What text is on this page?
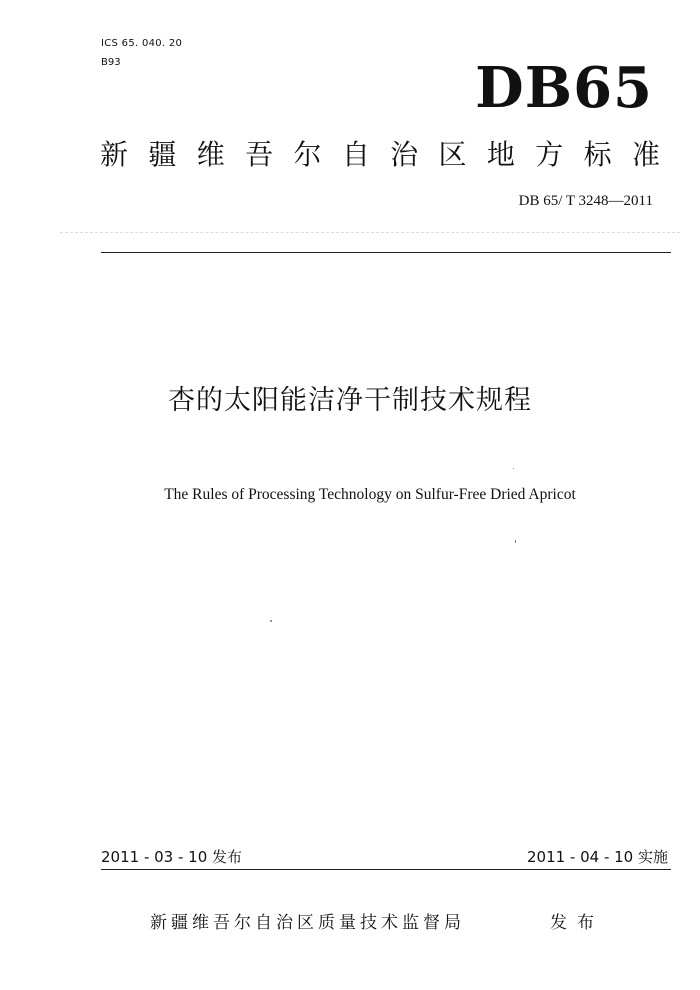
ICS 65. 040. 20
B93	DB65
新 疆 维 吾 尔 自 治 区 地 方 标 准
DB 65/ T 3248—2011
杏的太阳能洁净干制技术规程
The Rules of Processing Technology on Sulfur-Free Dried Apricot
2011 - 03 - 10 发布	2011 - 04 - 10 实施
新疆维吾尔自治区质量技术监督局	发布
